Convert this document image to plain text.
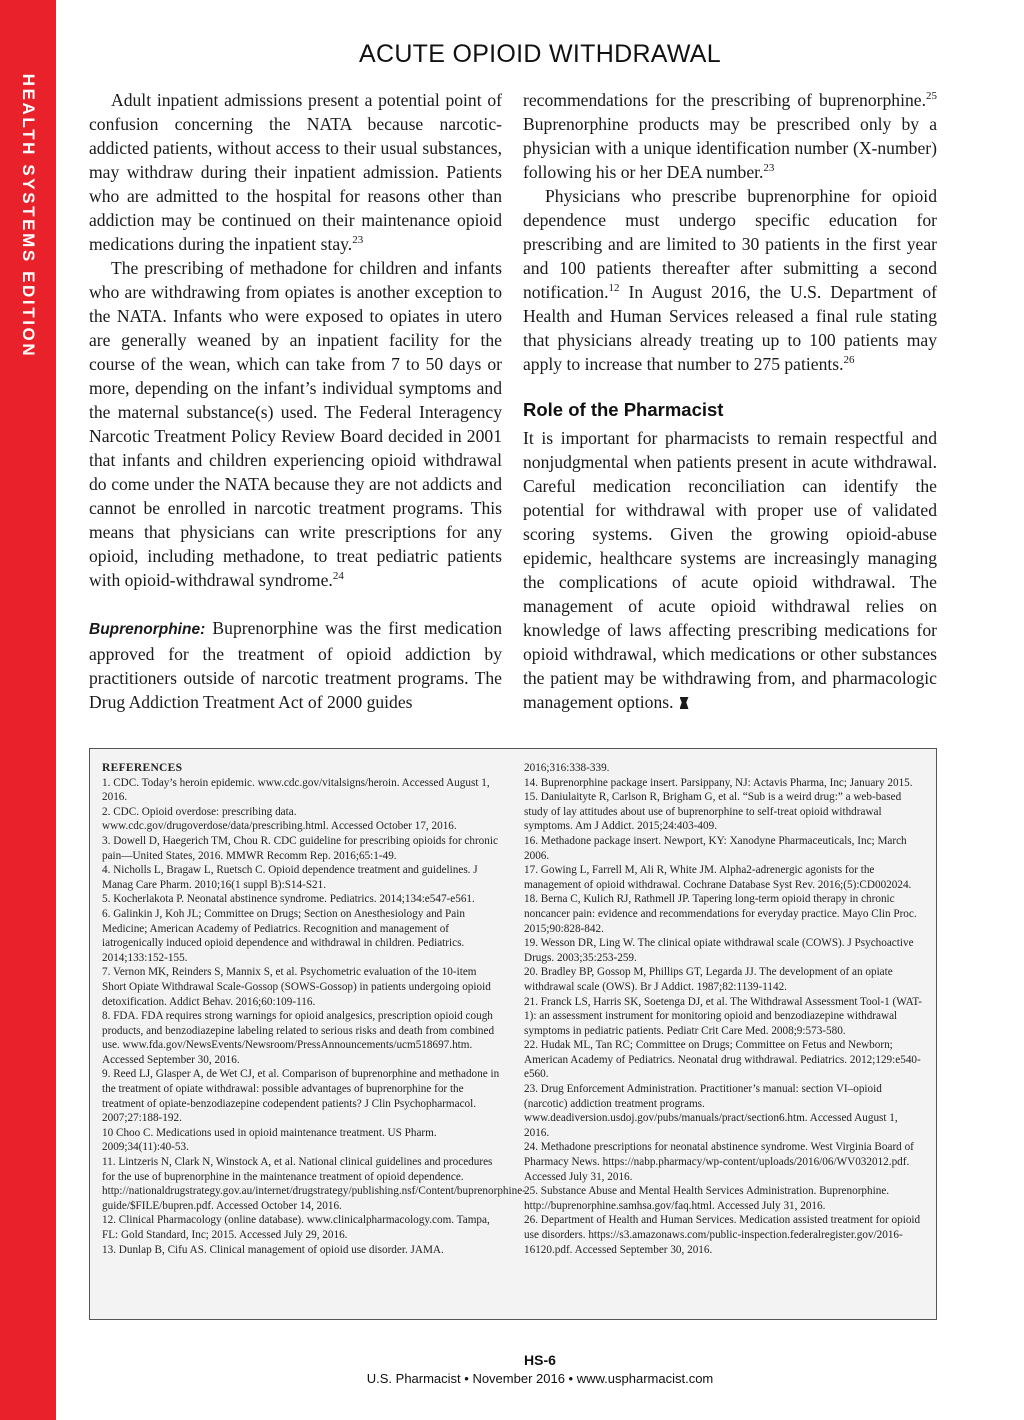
HEALTH SYSTEMS EDITION
ACUTE OPIOID WITHDRAWAL

Adult inpatient admissions present a potential point of confusion concerning the NATA because narcotic-addicted patients, without access to their usual substances, may withdraw during their inpatient admission. Patients who are admitted to the hospital for reasons other than addiction may be continued on their maintenance opioid medications during the inpatient stay.$^{23}$

The prescribing of methadone for children and infants who are withdrawing from opiates is another exception to the NATA. Infants who were exposed to opiates in utero are generally weaned by an inpatient facility for the course of the wean, which can take from 7 to 50 days or more, depending on the infant’s individual symptoms and the maternal substance(s) used. The Federal Interagency Narcotic Treatment Policy Review Board decided in 2001 that infants and children experiencing opioid withdrawal do come under the NATA because they are not addicts and cannot be enrolled in narcotic treatment programs. This means that physicians can write prescriptions for any opioid, including methadone, to treat pediatric patients with opioid-withdrawal syndrome.$^{24}$

Buprenorphine: Buprenorphine was the first medication approved for the treatment of opioid addiction by practitioners outside of narcotic treatment programs. The Drug Addiction Treatment Act of 2000 guides

recommendations for the prescribing of buprenorphine.$^{25}$ Buprenorphine products may be prescribed only by a physician with a unique identification number (X-number) following his or her DEA number.$^{23}$

Physicians who prescribe buprenorphine for opioid dependence must undergo specific education for prescribing and are limited to 30 patients in the first year and 100 patients thereafter after submitting a second notification.$^{12}$ In August 2016, the U.S. Department of Health and Human Services released a final rule stating that physicians already treating up to 100 patients may apply to increase that number to 275 patients.$^{26}$

Role of the Pharmacist

It is important for pharmacists to remain respectful and nonjudgmental when patients present in acute withdrawal. Careful medication reconciliation can identify the potential for withdrawal with proper use of validated scoring systems. Given the growing opioid-abuse epidemic, healthcare systems are increasingly managing the complications of acute opioid withdrawal. The management of acute opioid withdrawal relies on knowledge of laws affecting prescribing medications for opioid withdrawal, which medications or other substances the patient may be withdrawing from, and pharmacologic management options.

REFERENCES

1. CDC. Today’s heroin epidemic. www.cdc.gov/vitalsigns/heroin. Accessed August 1, 2016.

2. CDC. Opioid overdose: prescribing data. www.cdc.gov/drugoverdose/data/prescribing.html. Accessed October 17, 2016.

3. Dowell D, Haegerich TM, Chou R. CDC guideline for prescribing opioids for chronic pain—United States, 2016. MMWR Recomm Rep. 2016;65:1-49.

4. Nicholls L, Bragaw L, Ruetsch C. Opioid dependence treatment and guidelines. J Manag Care Pharm. 2010;16(1 suppl B):S14-S21.

5. Kocherlakota P. Neonatal abstinence syndrome. Pediatrics. 2014;134:e547-e561.

6. Galinkin J, Koh JL; Committee on Drugs; Section on Anesthesiology and Pain Medicine; American Academy of Pediatrics. Recognition and management of iatrogenically induced opioid dependence and withdrawal in children. Pediatrics. 2014;133:152-155.

7. Vernon MK, Reinders S, Mannix S, et al. Psychometric evaluation of the 10-item Short Opiate Withdrawal Scale-Gossop (SOWS-Gossop) in patients undergoing opioid detoxification. Addict Behav. 2016;60:109-116.

8. FDA. FDA requires strong warnings for opioid analgesics, prescription opioid cough products, and benzodiazepine labeling related to serious risks and death from combined use. www.fda.gov/NewsEvents/Newsroom/PressAnnouncements/ucm518697.htm. Accessed September 30, 2016.

9. Reed LJ, Glasper A, de Wet CJ, et al. Comparison of buprenorphine and methadone in the treatment of opiate withdrawal: possible advantages of buprenorphine for the treatment of opiate-benzodiazepine codependent patients? J Clin Psychopharmacol. 2007;27:188-192.

10 Choo C. Medications used in opioid maintenance treatment. US Pharm. 2009;34(11):40-53.

11. Lintzeris N, Clark N, Winstock A, et al. National clinical guidelines and procedures for the use of buprenorphine in the maintenance treatment of opioid dependence. http://nationaldrugstrategy.gov.au/internet/drugstrategy/publishing.nsf/Content/buprenorphine-guide/$FILE/bupren.pdf. Accessed October 14, 2016.

12. Clinical Pharmacology (online database). www.clinicalpharmacology.com. Tampa, FL: Gold Standard, Inc; 2015. Accessed July 29, 2016.

13. Dunlap B, Cifu AS. Clinical management of opioid use disorder. JAMA.

2016;316:338-339.

14. Buprenorphine package insert. Parsippany, NJ: Actavis Pharma, Inc; January 2015.

15. Daniulaityte R, Carlson R, Brigham G, et al. “Sub is a weird drug:” a web-based study of lay attitudes about use of buprenorphine to self-treat opioid withdrawal symptoms. Am J Addict. 2015;24:403-409.

16. Methadone package insert. Newport, KY: Xanodyne Pharmaceuticals, Inc; March 2006.

17. Gowing L, Farrell M, Ali R, White JM. Alpha2-adrenergic agonists for the management of opioid withdrawal. Cochrane Database Syst Rev. 2016;(5):CD002024.

18. Berna C, Kulich RJ, Rathmell JP. Tapering long-term opioid therapy in chronic noncancer pain: evidence and recommendations for everyday practice. Mayo Clin Proc. 2015;90:828-842.

19. Wesson DR, Ling W. The clinical opiate withdrawal scale (COWS). J Psychoactive Drugs. 2003;35:253-259.

20. Bradley BP, Gossop M, Phillips GT, Legarda JJ. The development of an opiate withdrawal scale (OWS). Br J Addict. 1987;82:1139-1142.

21. Franck LS, Harris SK, Soetenga DJ, et al. The Withdrawal Assessment Tool-1 (WAT-1): an assessment instrument for monitoring opioid and benzodiazepine withdrawal symptoms in pediatric patients. Pediatr Crit Care Med. 2008;9:573-580.

22. Hudak ML, Tan RC; Committee on Drugs; Committee on Fetus and Newborn; American Academy of Pediatrics. Neonatal drug withdrawal. Pediatrics. 2012;129:e540-e560.

23. Drug Enforcement Administration. Practitioner’s manual: section VI–opioid (narcotic) addiction treatment programs. www.deadiversion.usdoj.gov/pubs/manuals/pract/section6.htm. Accessed August 1, 2016.

24. Methadone prescriptions for neonatal abstinence syndrome. West Virginia Board of Pharmacy News. https://nabp.pharmacy/wp-content/uploads/2016/06/WV032012.pdf. Accessed July 31, 2016.

25. Substance Abuse and Mental Health Services Administration. Buprenorphine. http://buprenorphine.samhsa.gov/faq.html. Accessed July 31, 2016.

26. Department of Health and Human Services. Medication assisted treatment for opioid use disorders. https://s3.amazonaws.com/public-inspection.federalregister.gov/2016-16120.pdf. Accessed September 30, 2016.

HS-6
U.S. Pharmacist • November 2016 • www.uspharmacist.com
